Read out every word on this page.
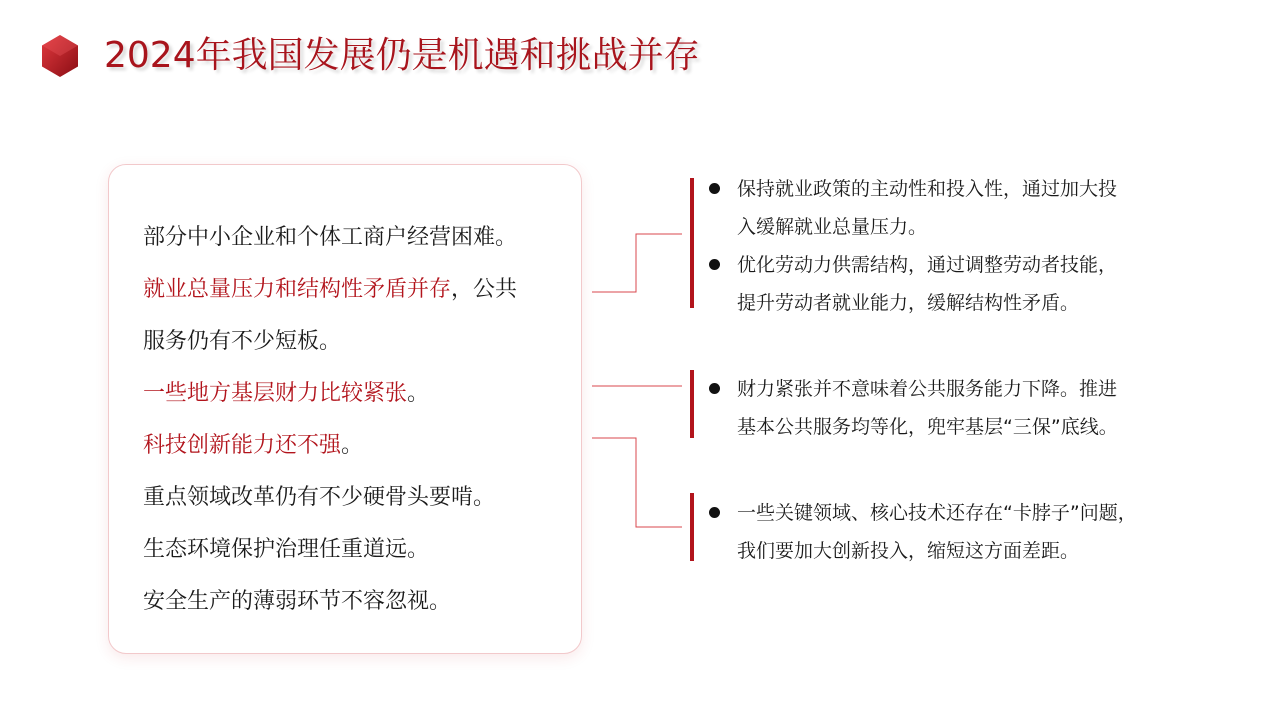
2024年我国发展仍是机遇和挑战并存
部分中小企业和个体工商户经营困难。
就业总量压力和结构性矛盾并存，公共
服务仍有不少短板。
一些地方基层财力比较紧张。
科技创新能力还不强。
重点领域改革仍有不少硬骨头要啃。
生态环境保护治理任重道远。
安全生产的薄弱环节不容忽视。
保持就业政策的主动性和投入性，通过加大投
入缓解就业总量压力。
优化劳动力供需结构，通过调整劳动者技能，
提升劳动者就业能力，缓解结构性矛盾。
财力紧张并不意味着公共服务能力下降。推进
基本公共服务均等化，兜牢基层“三保”底线。
一些关键领域、核心技术还存在“卡脖子”问题，
我们要加大创新投入，缩短这方面差距。
